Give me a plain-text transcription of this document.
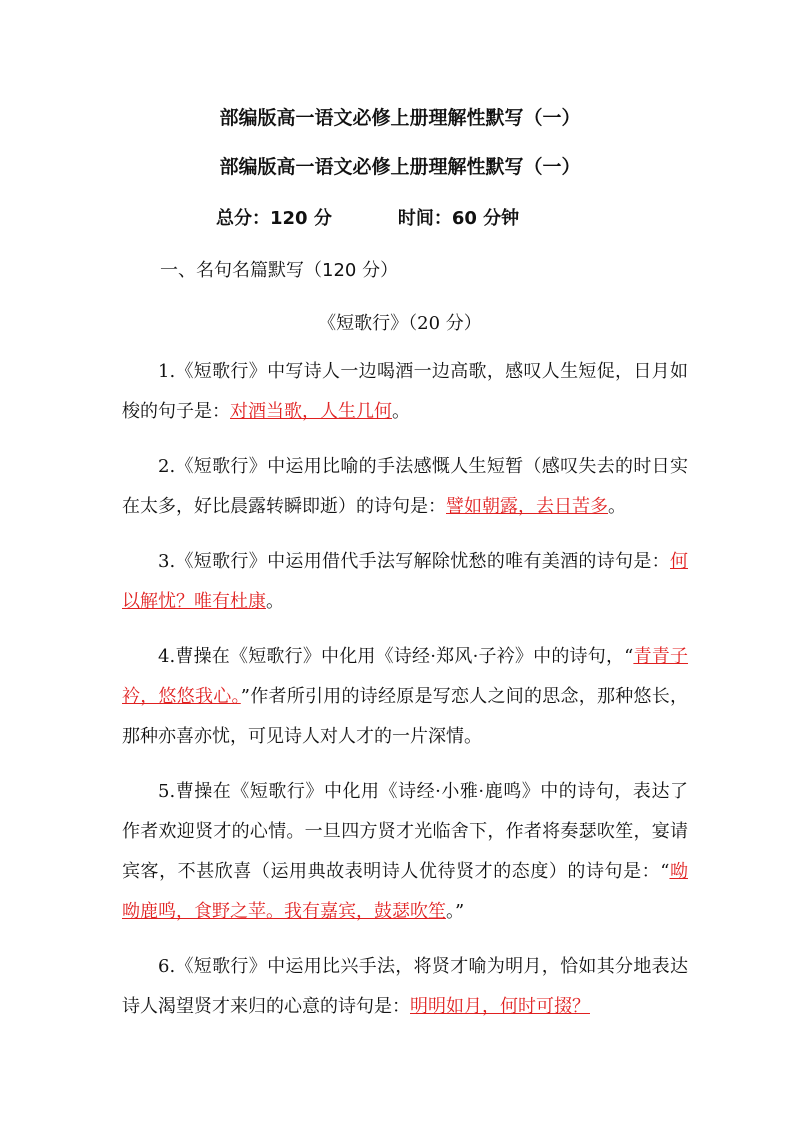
部编版高一语文必修上册理解性默写（一）
部编版高一语文必修上册理解性默写（一）
总分：120 分	时间：60 分钟
一、名句名篇默写（120 分）
《短歌行》（20 分）

1.《短歌行》中写诗人一边喝酒一边高歌，感叹人生短促，日月如梭的句子是：对酒当歌，人生几何。

2.《短歌行》中运用比喻的手法感慨人生短暂（感叹失去的时日实在太多，好比晨露转瞬即逝）的诗句是：譬如朝露，去日苦多。

3.《短歌行》中运用借代手法写解除忧愁的唯有美酒的诗句是：何以解忧？唯有杜康。

4.曹操在《短歌行》中化用《诗经·郑风·子衿》中的诗句，“青青子衿，悠悠我心。”作者所引用的诗经原是写恋人之间的思念，那种悠长，那种亦喜亦忧，可见诗人对人才的一片深情。

5.曹操在《短歌行》中化用《诗经·小雅·鹿鸣》中的诗句，表达了作者欢迎贤才的心情。一旦四方贤才光临舍下，作者将奏瑟吹笙，宴请宾客，不甚欣喜（运用典故表明诗人优待贤才的态度）的诗句是：“呦呦鹿鸣，食野之苹。我有嘉宾，鼓瑟吹笙。”

6.《短歌行》中运用比兴手法，将贤才喻为明月，恰如其分地表达诗人渴望贤才来归的心意的诗句是：明明如月，何时可掇？
